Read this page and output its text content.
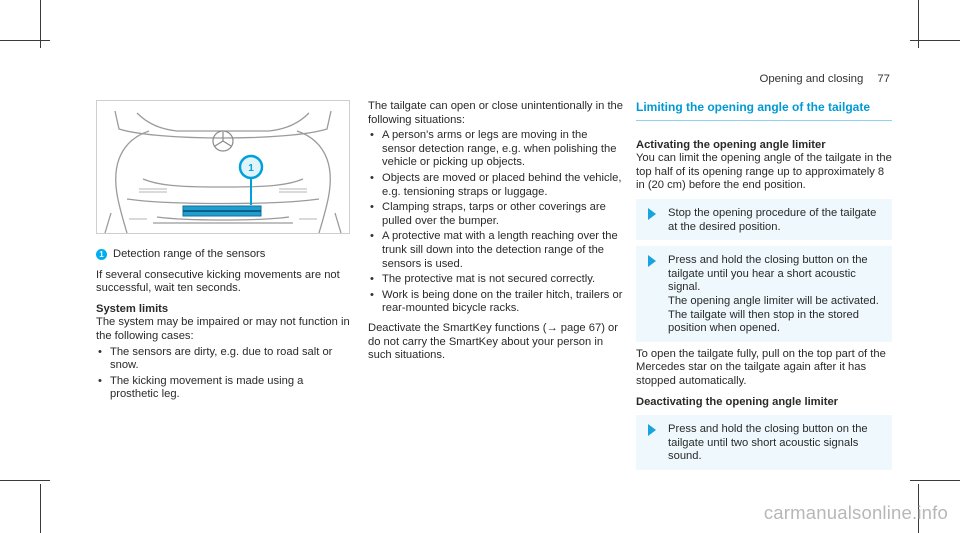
Opening and closing 77
1

1 Detection range of the sensors

If several consecutive kicking movements are not successful, wait ten seconds.

System limits

The system may be impaired or may not function in the following cases:

• The sensors are dirty, e.g. due to road salt or snow.
• The kicking movement is made using a prosthetic leg.

The tailgate can open or close unintentionally in the following situations:

• A person's arms or legs are moving in the sensor detection range, e.g. when polishing the vehicle or picking up objects.
• Objects are moved or placed behind the vehicle, e.g. tensioning straps or luggage.
• Clamping straps, tarps or other coverings are pulled over the bumper.
• A protective mat with a length reaching over the trunk sill down into the detection range of the sensors is used.
• The protective mat is not secured correctly.
• Work is being done on the trailer hitch, trailers or rear-mounted bicycle racks.

Deactivate the SmartKey functions (→ page 67) or do not carry the SmartKey about your person in such situations.

Limiting the opening angle of the tailgate

Activating the opening angle limiter

You can limit the opening angle of the tailgate in the top half of its opening range up to approximately 8 in (20 cm) before the end position.

Stop the opening procedure of the tailgate at the desired position.

Press and hold the closing button on the tailgate until you hear a short acoustic signal.

The opening angle limiter will be activated.

The tailgate will then stop in the stored position when opened.

To open the tailgate fully, pull on the top part of the Mercedes star on the tailgate again after it has stopped automatically.

Deactivating the opening angle limiter

Press and hold the closing button on the tailgate until two short acoustic signals sound.

carmanualsonline.info
